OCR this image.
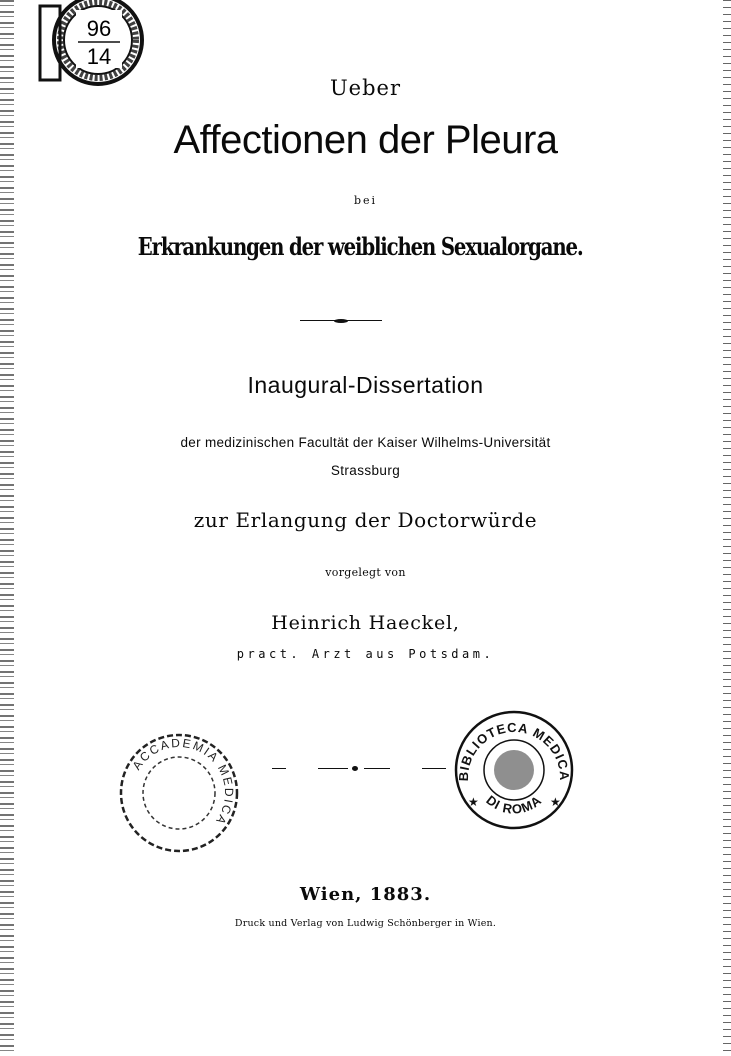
96
14
Ueber
Affectionen der Pleura
bei
Erkrankungen der weiblichen Sexualorgane.
Inaugural-Dissertation
der medizinischen Facultät der Kaiser Wilhelms-Universität
Strassburg
zur Erlangung der Doctorwürde
vorgelegt von
Heinrich Haeckel,
pract. Arzt aus Potsdam.
ACCADEMIA MEDICA
BIBLIOTECA MEDICA
DI ROMA
★	★
Wien, 1883.
Druck und Verlag von Ludwig Schönberger in Wien.
